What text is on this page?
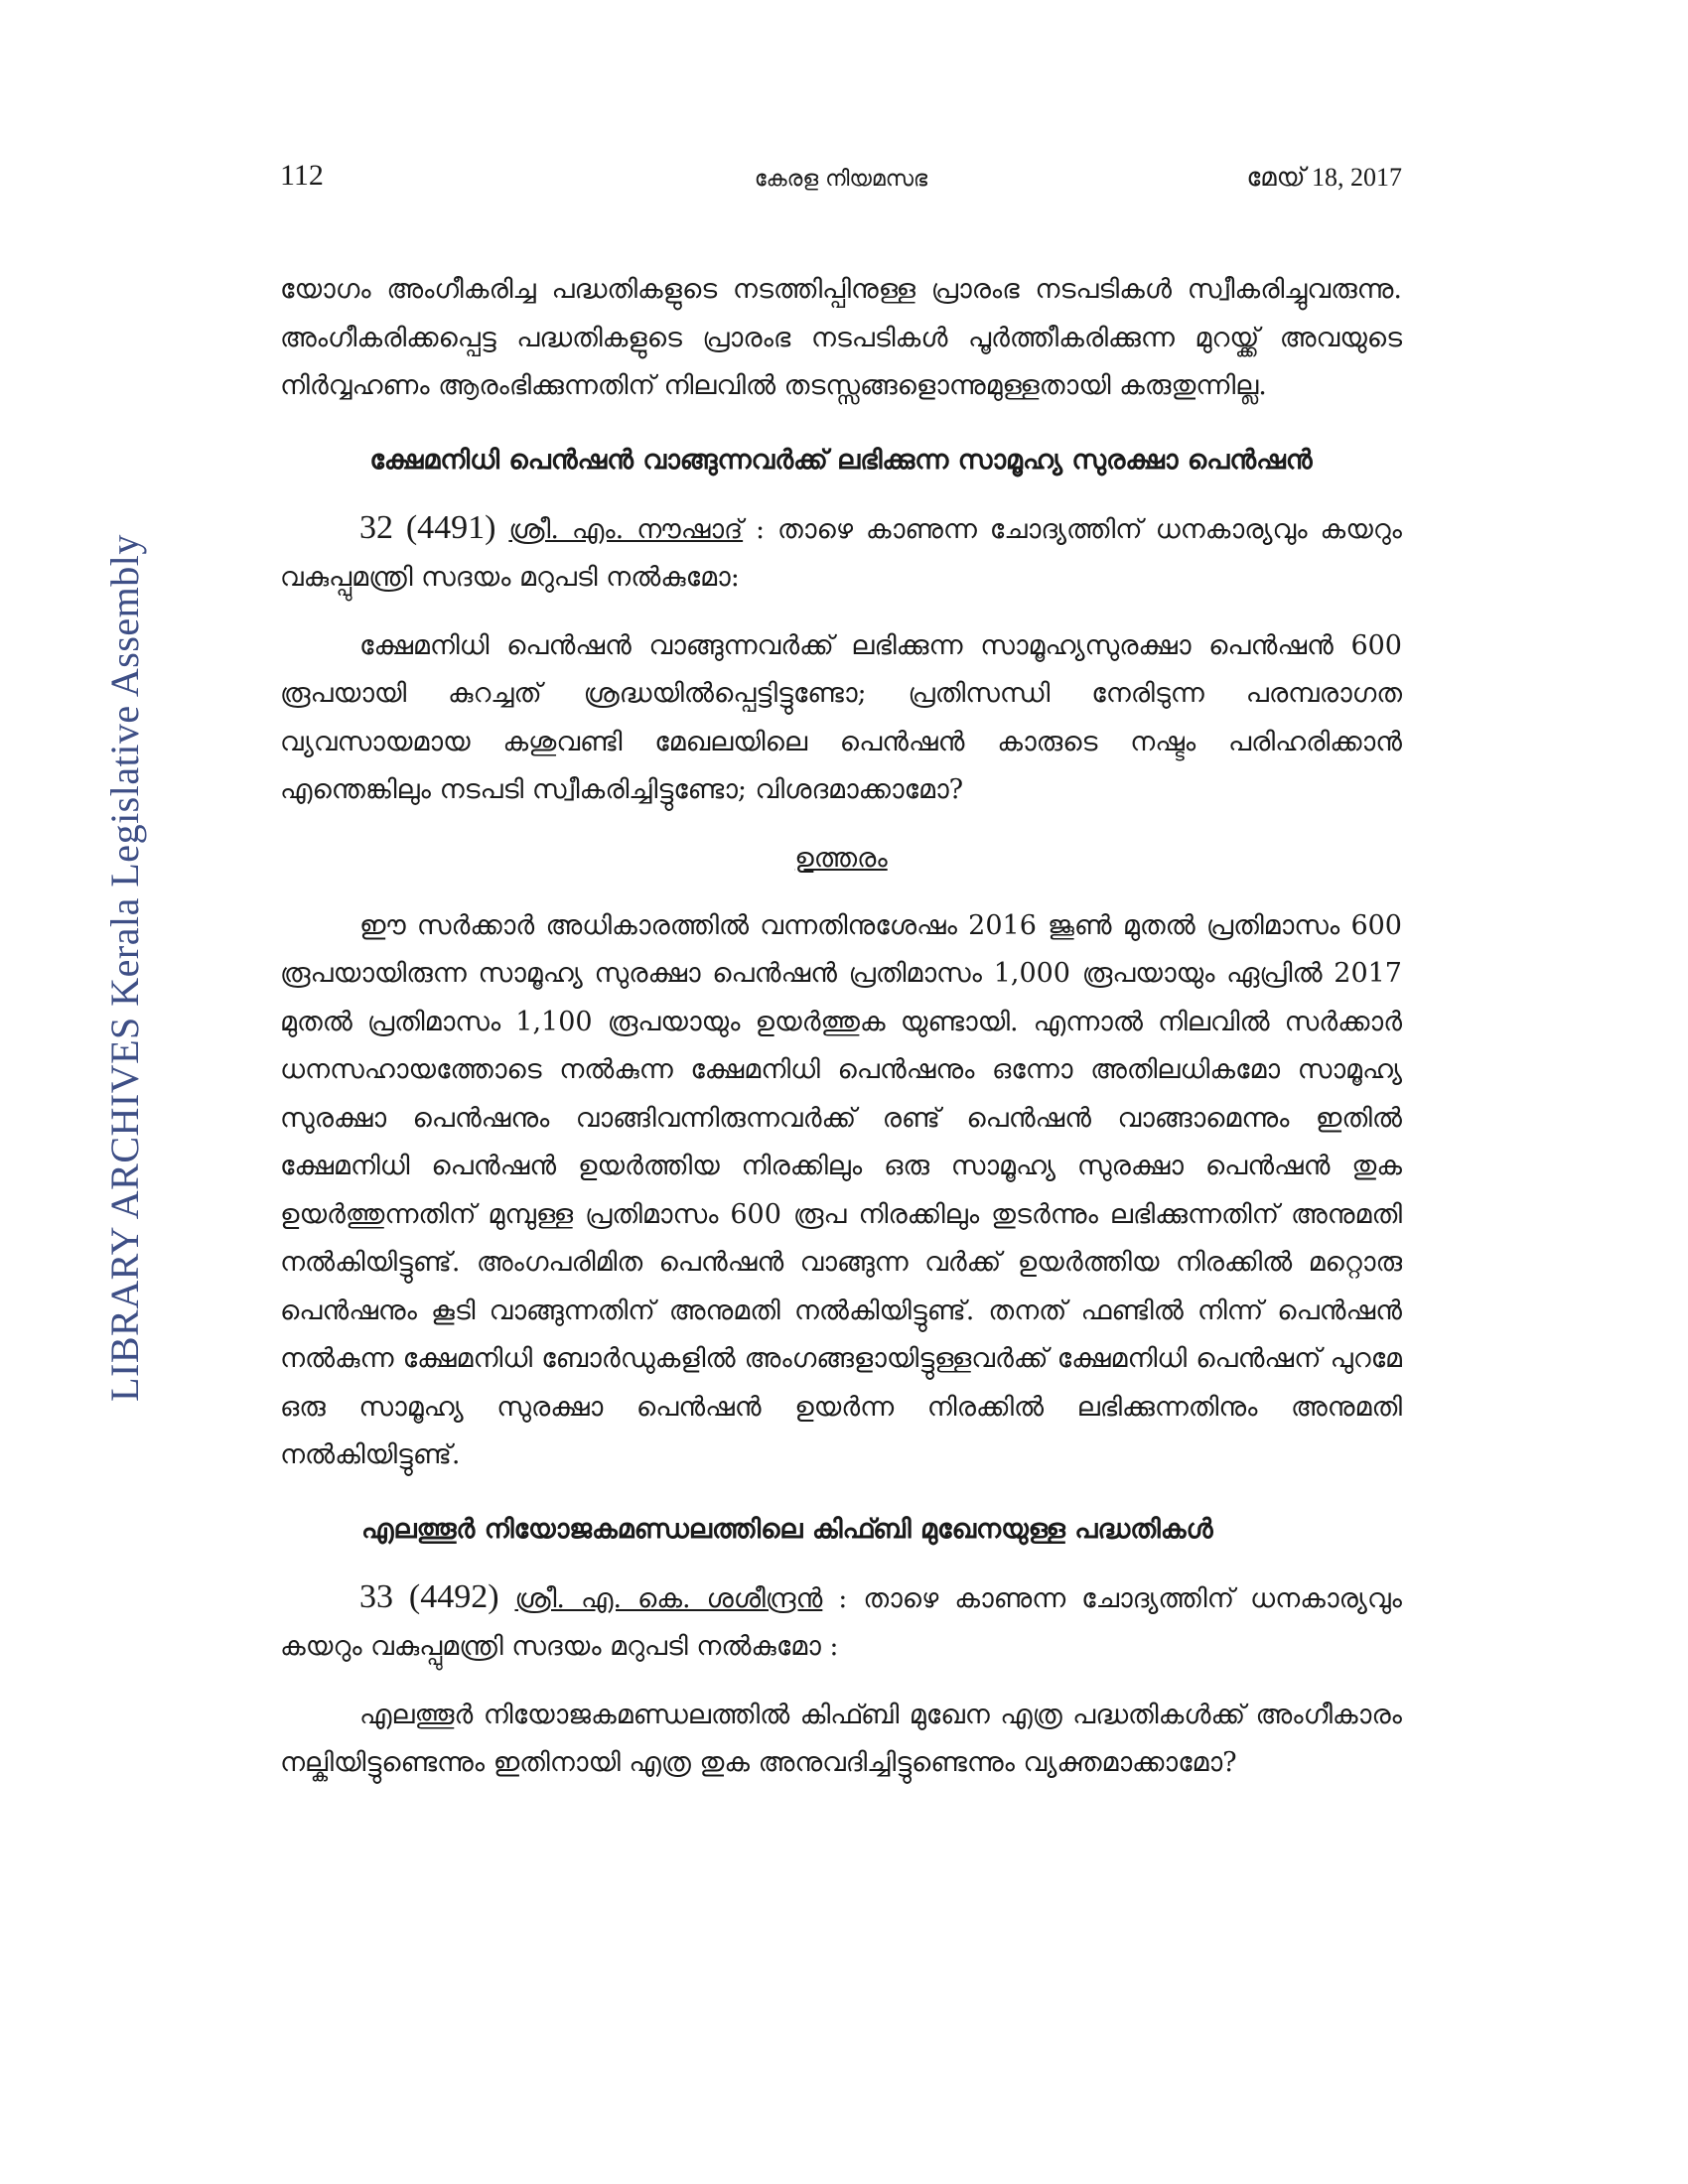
112	കേരള നിയമസഭ	മേയ് 18, 2017
LIBRARY ARCHIVES Kerala Legislative Assembly

യോഗം അംഗീകരിച്ച പദ്ധതികളുടെ നടത്തിപ്പിനുള്ള പ്രാരംഭ നടപടികൾ സ്വീകരിച്ചുവരുന്നു. അംഗീകരിക്കപ്പെട്ട പദ്ധതികളുടെ പ്രാരംഭ നടപടികൾ പൂർത്തീകരിക്കുന്ന മുറയ്ക്ക് അവയുടെ നിർവ്വഹണം ആരംഭിക്കുന്നതിന് നിലവിൽ തടസ്സങ്ങളൊന്നുമുള്ളതായി കരുതുന്നില്ല.

ക്ഷേമനിധി പെൻഷൻ വാങ്ങുന്നവർക്ക് ലഭിക്കുന്ന സാമൂഹ്യ സുരക്ഷാ പെൻഷൻ

32 (4491) ശ്രീ. എം. നൗഷാദ് : താഴെ കാണുന്ന ചോദ്യത്തിന് ധനകാര്യവും കയറും വകുപ്പുമന്ത്രി സദയം മറുപടി നൽകുമോ:

ക്ഷേമനിധി പെൻഷൻ വാങ്ങുന്നവർക്ക് ലഭിക്കുന്ന സാമൂഹ്യസുരക്ഷാ പെൻഷൻ 600 രൂപയായി കുറച്ചത് ശ്രദ്ധയിൽപ്പെട്ടിട്ടുണ്ടോ; പ്രതിസന്ധി നേരിടുന്ന പരമ്പരാഗത വ്യവസായമായ കശുവണ്ടി മേഖലയിലെ പെൻഷൻ കാരുടെ നഷ്ടം പരിഹരിക്കാൻ എന്തെങ്കിലും നടപടി സ്വീകരിച്ചിട്ടുണ്ടോ; വിശദമാക്കാമോ?

ഉത്തരം

ഈ സർക്കാർ അധികാരത്തിൽ വന്നതിനുശേഷം 2016 ജൂൺ മുതൽ പ്രതിമാസം 600 രൂപയായിരുന്ന സാമൂഹ്യ സുരക്ഷാ പെൻഷൻ പ്രതിമാസം 1,000 രൂപയായും ഏപ്രിൽ 2017 മുതൽ പ്രതിമാസം 1,100 രൂപയായും ഉയർത്തുക യുണ്ടായി. എന്നാൽ നിലവിൽ സർക്കാർ ധനസഹായത്തോടെ നൽകുന്ന ക്ഷേമനിധി പെൻഷനും ഒന്നോ അതിലധികമോ സാമൂഹ്യ സുരക്ഷാ പെൻഷനും വാങ്ങിവന്നിരുന്നവർക്ക് രണ്ട് പെൻഷൻ വാങ്ങാമെന്നും ഇതിൽ ക്ഷേമനിധി പെൻഷൻ ഉയർത്തിയ നിരക്കിലും ഒരു സാമൂഹ്യ സുരക്ഷാ പെൻഷൻ തുക ഉയർത്തുന്നതിന് മുമ്പുള്ള പ്രതിമാസം 600 രൂപ നിരക്കിലും തുടർന്നും ലഭിക്കുന്നതിന് അനുമതി നൽകിയിട്ടുണ്ട്. അംഗപരിമിത പെൻഷൻ വാങ്ങുന്ന വർക്ക് ഉയർത്തിയ നിരക്കിൽ മറ്റൊരു പെൻഷനും കൂടി വാങ്ങുന്നതിന് അനുമതി നൽകിയിട്ടുണ്ട്. തനത് ഫണ്ടിൽ നിന്ന് പെൻഷൻ നൽകുന്ന ക്ഷേമനിധി ബോർഡുകളിൽ അംഗങ്ങളായിട്ടുള്ളവർക്ക് ക്ഷേമനിധി പെൻഷന് പുറമേ ഒരു സാമൂഹ്യ സുരക്ഷാ പെൻഷൻ ഉയർന്ന നിരക്കിൽ ലഭിക്കുന്നതിനും അനുമതി നൽകിയിട്ടുണ്ട്.

എലത്തൂർ നിയോജകമണ്ഡലത്തിലെ കിഫ്ബി മുഖേനയുള്ള പദ്ധതികൾ

33 (4492) ശ്രീ. എ. കെ. ശശീന്ദ്രൻ : താഴെ കാണുന്ന ചോദ്യത്തിന് ധനകാര്യവും കയറും വകുപ്പുമന്ത്രി സദയം മറുപടി നൽകുമോ :

എലത്തൂർ നിയോജകമണ്ഡലത്തിൽ കിഫ്ബി മുഖേന എത്ര പദ്ധതികൾക്ക് അംഗീകാരം നല്കിയിട്ടുണ്ടെന്നും ഇതിനായി എത്ര തുക അനുവദിച്ചിട്ടുണ്ടെന്നും വ്യക്തമാക്കാമോ?
